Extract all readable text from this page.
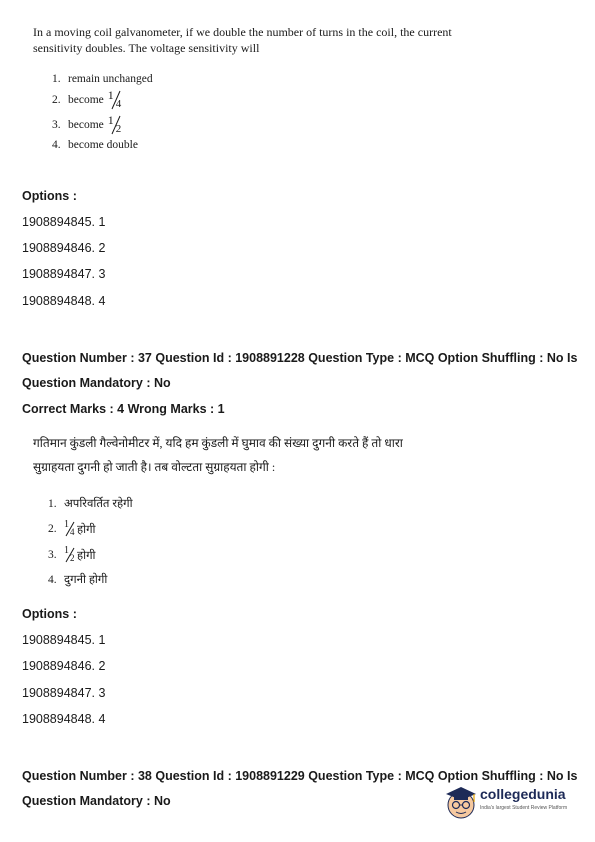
In a moving coil galvanometer, if we double the number of turns in the coil, the current
sensitivity doubles. The voltage sensitivity will
1. remain unchanged
2. become 1
4
3. become 1
2
4. become double
Options :
1908894845. 1
1908894846. 2
1908894847. 3
1908894848. 4
Question Number : 37 Question Id : 1908891228 Question Type : MCQ Option Shuffling : No Is
Question Mandatory : No
Correct Marks : 4 Wrong Marks : 1
गतिमान कुंडली गैल्वेनोमीटर में, यदि हम कुंडली में घुमाव की संख्या दुगनी करते हैं तो धारा
सुग्राहयता दुगनी हो जाती है। तब वोल्टता सुग्राहयता होगी :
1. अपरिवर्तित रहेगी
2. 1
4 होगी
3. 1
2 होगी
4. दुगनी होगी
Options :
1908894845. 1
1908894846. 2
1908894847. 3
1908894848. 4
Question Number : 38 Question Id : 1908891229 Question Type : MCQ Option Shuffling : No Is
Question Mandatory : No	collegedunia
India's largest Student Review Platform
